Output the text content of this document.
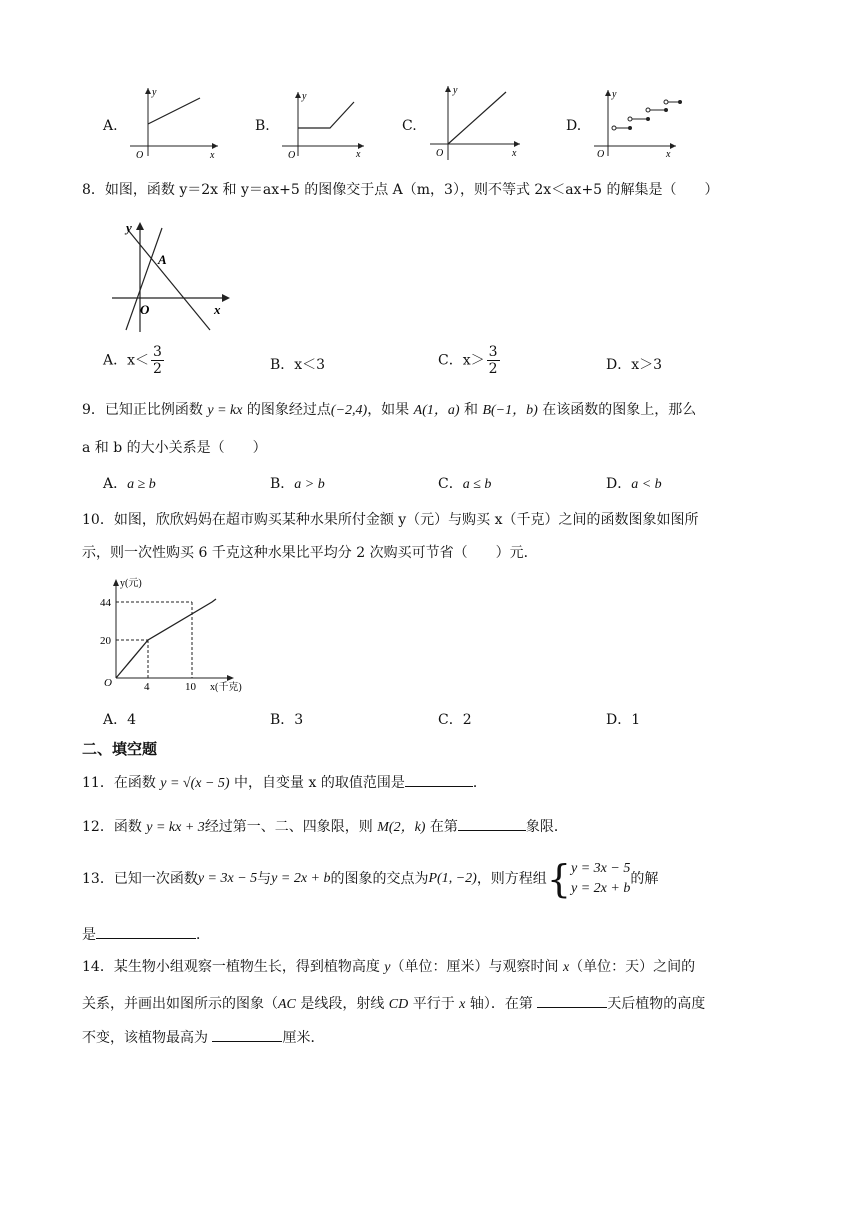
A.
y
x
O
B.
y
x
O
C.
y
x
O
D.
y
x
O
8．如图，函数 y＝2x 和 y＝ax+5 的图像交于点 A（m，3），则不等式 2x＜ax+5 的解集是（　　）
y
A
O	x
A．$x< \frac{3}{2}$	B．x＜3	C．$x> \frac{3}{2}$	D．x＞3
9．已知正比例函数 y = kx 的图象经过点(−2,4)，如果 A(1，a) 和 B(−1，b) 在该函数的图象上，那么
a 和 b 的大小关系是（　　）
A．a ≥ b	B．a > b	C．a ≤ b	D．a < b
10．如图，欣欣妈妈在超市购买某种水果所付金额 y（元）与购买 x（千克）之间的函数图象如图所
示，则一次性购买 6 千克这种水果比平均分 2 次购买可节省（　　）元．
y(元)
44
20
O	4	10 x(千克)
A．4	B．3	C．2	D．1
二、填空题
11．在函数 y = √(x − 5) 中，自变量 x 的取值范围是	．
12．函数 y = kx + 3经过第一、二、四象限，则 M(2，k) 在第	象限．
13．已知一次函数 y = 3x − 5 与 y = 2x + b 的图象的交点为 P(1, −2) ，则方程组 { y = 3x − 5
y = 2x + b
的解
是	．
14．某生物小组观察一植物生长，得到植物高度 y（单位：厘米）与观察时间 x（单位：天）之间的
关系，并画出如图所示的图象（AC 是线段，射线 CD 平行于 x 轴）．在第	天后植物的高度
不变，该植物最高为	厘米．
